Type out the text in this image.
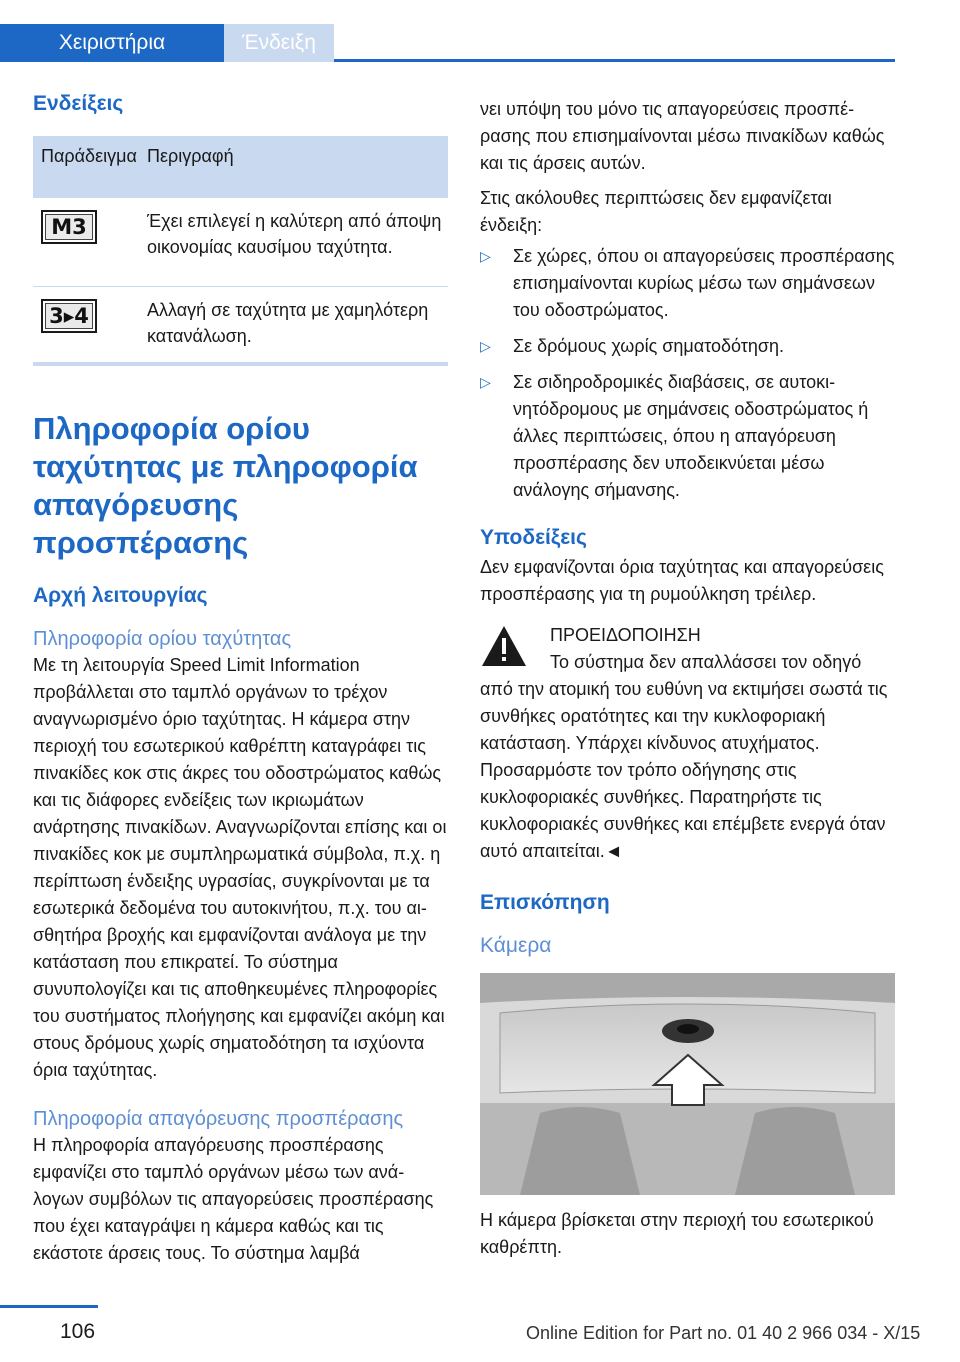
Χειριστήρια	Ένδειξη
Ενδείξεις
Παράδειγμα	Περιγραφή

M3	Έχει επιλεγεί η καλύτερη από άποψη οικονομίας καυσίμου ταχύτητα.

3▸4	Αλλαγή σε ταχύτητα με χαμηλότερη κατανάλωση.
Πληροφορία ορίου ταχύτητας με πληροφορία απαγόρευσης προσπέρασης
Αρχή λειτουργίας
Πληροφορία ορίου ταχύτητας

Με τη λειτουργία Speed Limit Information προβάλλεται στο ταμπλό οργάνων το τρέχον αναγνωρισμένο όριο ταχύτητας. Η κάμερα στην περιοχή του εσωτερικού καθρέπτη καταγράφει τις πινακίδες κοκ στις άκρες του οδοστρώματος καθώς και τις διάφορες ενδείξεις των ικριωμάτων ανάρτησης πινακίδων. Αναγνωρίζονται επίσης και οι πινακίδες κοκ με συμπληρωματικά σύμβολα, π.χ. η περίπτωση ένδειξης υγρασίας, συγκρίνονται με τα εσωτερικά δεδομένα του αυτοκινήτου, π.χ. του αισθητήρα βροχής και εμφανίζονται ανάλογα με την κατάσταση που επικρατεί. Το σύστημα συνυπολογίζει και τις αποθηκευμένες πληροφορίες του συστήματος πλοήγησης και εμφανίζει ακόμη και στους δρόμους χωρίς σηματοδότηση τα ισχύοντα όρια ταχύτητας.

Πληροφορία απαγόρευσης προσπέρασης

Η πληροφορία απαγόρευσης προσπέρασης εμφανίζει στο ταμπλό οργάνων μέσω των ανάλογων συμβόλων τις απαγορεύσεις προσπέρασης που έχει καταγράψει η κάμερα καθώς και τις εκάστοτε άρσεις τους. Το σύστημα λαμβά

νει υπόψη του μόνο τις απαγορεύσεις προσπέρασης που επισημαίνονται μέσω πινακίδων καθώς και τις άρσεις αυτών.

Στις ακόλουθες περιπτώσεις δεν εμφανίζεται ένδειξη:

▷ Σε χώρες, όπου οι απαγορεύσεις προσπέρασης επισημαίνονται κυρίως μέσω των σημάνσεων του οδοστρώματος.
▷ Σε δρόμους χωρίς σηματοδότηση.
▷ Σε σιδηροδρομικές διαβάσεις, σε αυτοκινητόδρομους με σημάνσεις οδοστρώματος ή άλλες περιπτώσεις, όπου η απαγόρευση προσπέρασης δεν υποδεικνύεται μέσω ανάλογης σήμανσης.
Υποδείξεις

Δεν εμφανίζονται όρια ταχύτητας και απαγορεύσεις προσπέρασης για τη ρυμούλκηση τρέιλερ.

ΠΡΟΕΙΔΟΠΟΙΗΣΗ

Το σύστημα δεν απαλλάσσει τον οδηγό από την ατομική του ευθύνη να εκτιμήσει σωστά τις συνθήκες ορατότητες και την κυκλοφοριακή κατάσταση. Υπάρχει κίνδυνος ατυχήματος. Προσαρμόστε τον τρόπο οδήγησης στις κυκλοφοριακές συνθήκες. Παρατηρήστε τις κυκλοφοριακές συνθήκες και επέμβετε ενεργά όταν αυτό απαιτείται.◄

Επισκόπηση
Κάμερα

Η κάμερα βρίσκεται στην περιοχή του εσωτερικού καθρέπτη.

106	Online Edition for Part no. 01 40 2 966 034 - X/15
